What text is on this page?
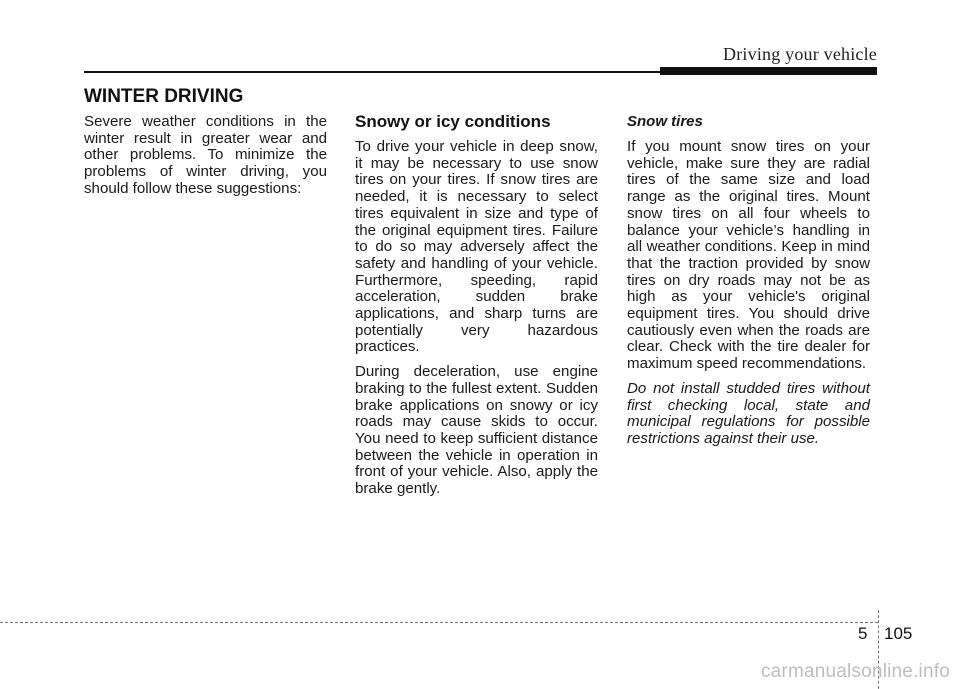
Driving your vehicle
WINTER DRIVING

Severe weather conditions in the winter result in greater wear and other problems. To minimize the problems of winter driving, you should follow these suggestions:

Snowy or icy conditions

To drive your vehicle in deep snow, it may be necessary to use snow tires on your tires. If snow tires are needed, it is necessary to select tires equivalent in size and type of the original equipment tires. Failure to do so may adversely affect the safety and handling of your vehicle. Furthermore, speeding, rapid acceleration, sudden brake applications, and sharp turns are potentially very hazardous practices.

During deceleration, use engine braking to the fullest extent. Sudden brake applications on snowy or icy roads may cause skids to occur. You need to keep sufficient distance between the vehicle in operation in front of your vehicle. Also, apply the brake gently.

Snow tires

If you mount snow tires on your vehicle, make sure they are radial tires of the same size and load range as the original tires. Mount snow tires on all four wheels to balance your vehicle’s handling in all weather conditions. Keep in mind that the traction provided by snow tires on dry roads may not be as high as your vehicle's original equipment tires. You should drive cautiously even when the roads are clear. Check with the tire dealer for maximum speed recommendations.

Do not install studded tires without first checking local, state and municipal regulations for possible restrictions against their use.

5 105
carmanualsonline.info
